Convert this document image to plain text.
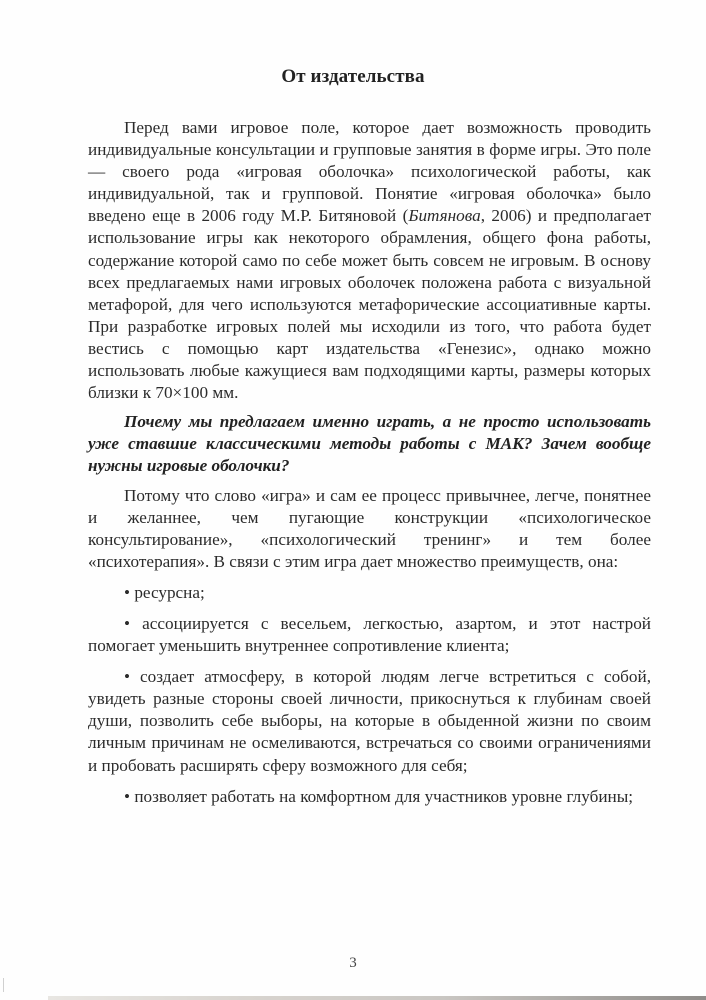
От издательства

Перед вами игровое поле, которое дает возможность проводить индивидуальные консультации и групповые занятия в форме игры. Это поле — своего рода «игровая оболочка» психологической работы, как индивидуальной, так и групповой. Понятие «игровая оболочка» было введено еще в 2006 году М.Р. Битяновой (Битянова, 2006) и предполагает использование игры как некоторого обрамления, общего фона работы, содержание которой само по себе может быть совсем не игровым. В основу всех предлагаемых нами игровых оболочек положена работа с визуальной метафорой, для чего используются метафорические ассоциативные карты. При разработке игровых полей мы исходили из того, что работа будет вестись с помощью карт издательства «Генезис», однако можно использовать любые кажущиеся вам подходящими карты, размеры которых близки к 70×100 мм.

Почему мы предлагаем именно играть, а не просто использовать уже ставшие классическими методы работы с МАК? Зачем вообще нужны игровые оболочки?

Потому что слово «игра» и сам ее процесс привычнее, легче, понятнее и желаннее, чем пугающие конструкции «психологическое консультирование», «психологический тренинг» и тем более «психотерапия». В связи с этим игра дает множество преимуществ, она:

• ресурсна;

• ассоциируется с весельем, легкостью, азартом, и этот настрой помогает уменьшить внутреннее сопротивление клиента;

• создает атмосферу, в которой людям легче встретиться с собой, увидеть разные стороны своей личности, прикоснуться к глубинам своей души, позволить себе выборы, на которые в обыденной жизни по своим личным причинам не осмеливаются, встречаться со своими ограничениями и пробовать расширять сферу возможного для себя;

• позволяет работать на комфортном для участников уровне глубины;

3
